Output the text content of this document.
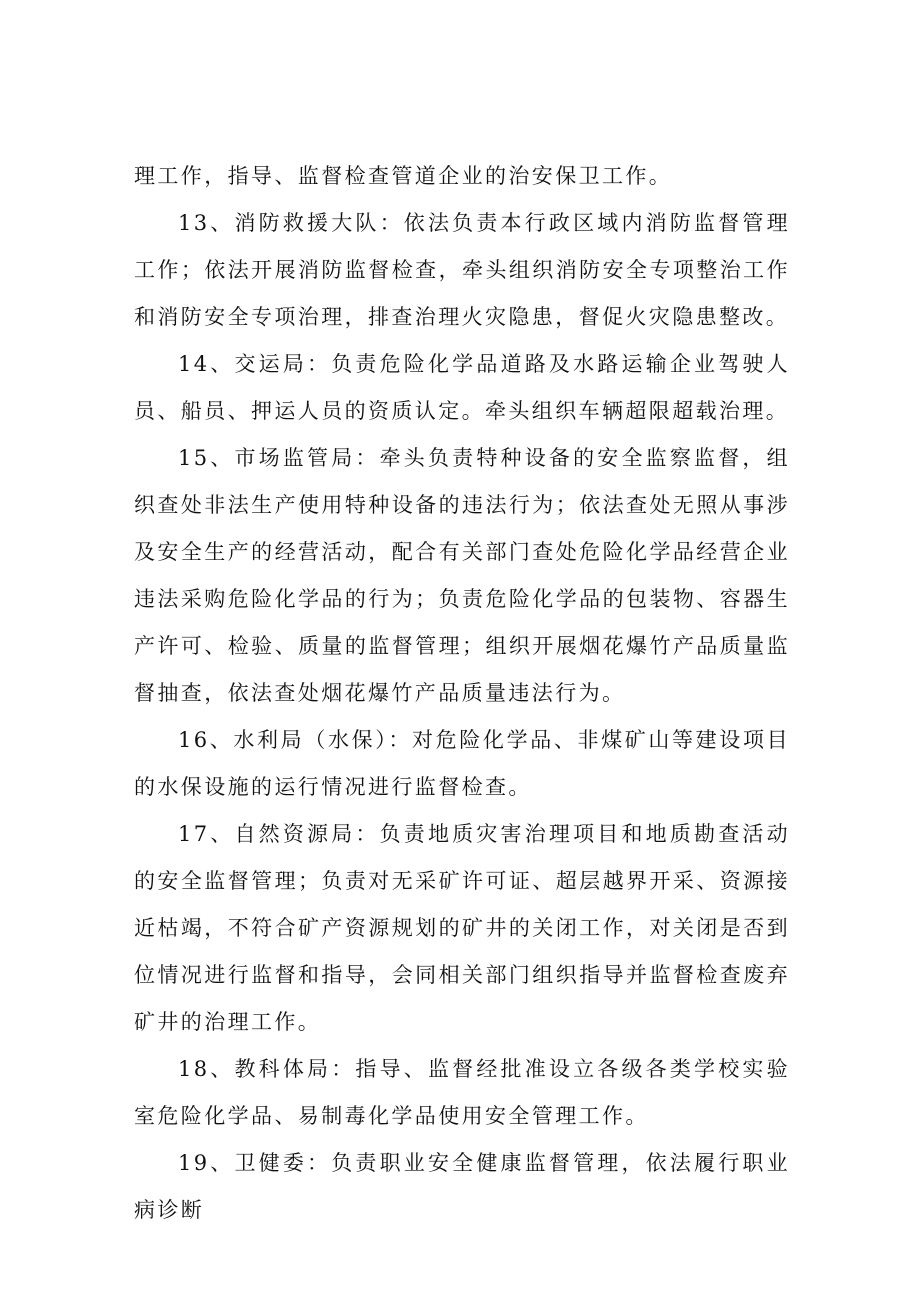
理工作，指导、监督检查管道企业的治安保卫工作。

13、消防救援大队：依法负责本行政区域内消防监督管理工作；依法开展消防监督检查，牵头组织消防安全专项整治工作和消防安全专项治理，排查治理火灾隐患，督促火灾隐患整改。

14、交运局：负责危险化学品道路及水路运输企业驾驶人员、船员、押运人员的资质认定。牵头组织车辆超限超载治理。

15、市场监管局：牵头负责特种设备的安全监察监督，组织查处非法生产使用特种设备的违法行为；依法查处无照从事涉及安全生产的经营活动，配合有关部门查处危险化学品经营企业违法采购危险化学品的行为；负责危险化学品的包装物、容器生产许可、检验、质量的监督管理；组织开展烟花爆竹产品质量监督抽查，依法查处烟花爆竹产品质量违法行为。

16、水利局（水保）：对危险化学品、非煤矿山等建设项目的水保设施的运行情况进行监督检查。

17、自然资源局：负责地质灾害治理项目和地质勘查活动的安全监督管理；负责对无采矿许可证、超层越界开采、资源接近枯竭，不符合矿产资源规划的矿井的关闭工作，对关闭是否到位情况进行监督和指导，会同相关部门组织指导并监督检查废弃矿井的治理工作。

18、教科体局：指导、监督经批准设立各级各类学校实验室危险化学品、易制毒化学品使用安全管理工作。

19、卫健委：负责职业安全健康监督管理，依法履行职业病诊断
